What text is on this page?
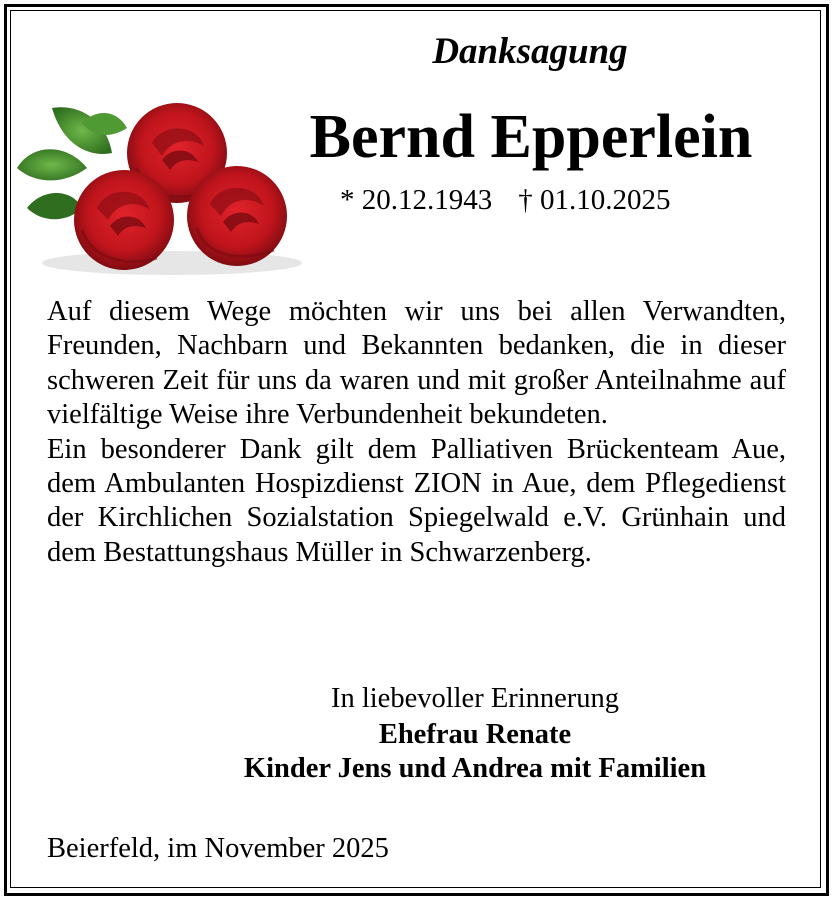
Danksagung
Bernd Epperlein
* 20.12.1943 † 01.10.2025

Auf diesem Wege möchten wir uns bei allen Verwandten, Freunden, Nachbarn und Bekannten bedanken, die in dieser schweren Zeit für uns da waren und mit großer Anteilnahme auf vielfältige Weise ihre Verbundenheit bekundeten.

Ein besonderer Dank gilt dem Palliativen Brückenteam Aue, dem Ambulanten Hospizdienst ZION in Aue, dem Pflegedienst der Kirchlichen Sozialstation Spiegelwald e.V. Grünhain und dem Bestattungshaus Müller in Schwarzenberg.

In liebevoller Erinnerung
Ehefrau Renate
Kinder Jens und Andrea mit Familien
Beierfeld, im November 2025
